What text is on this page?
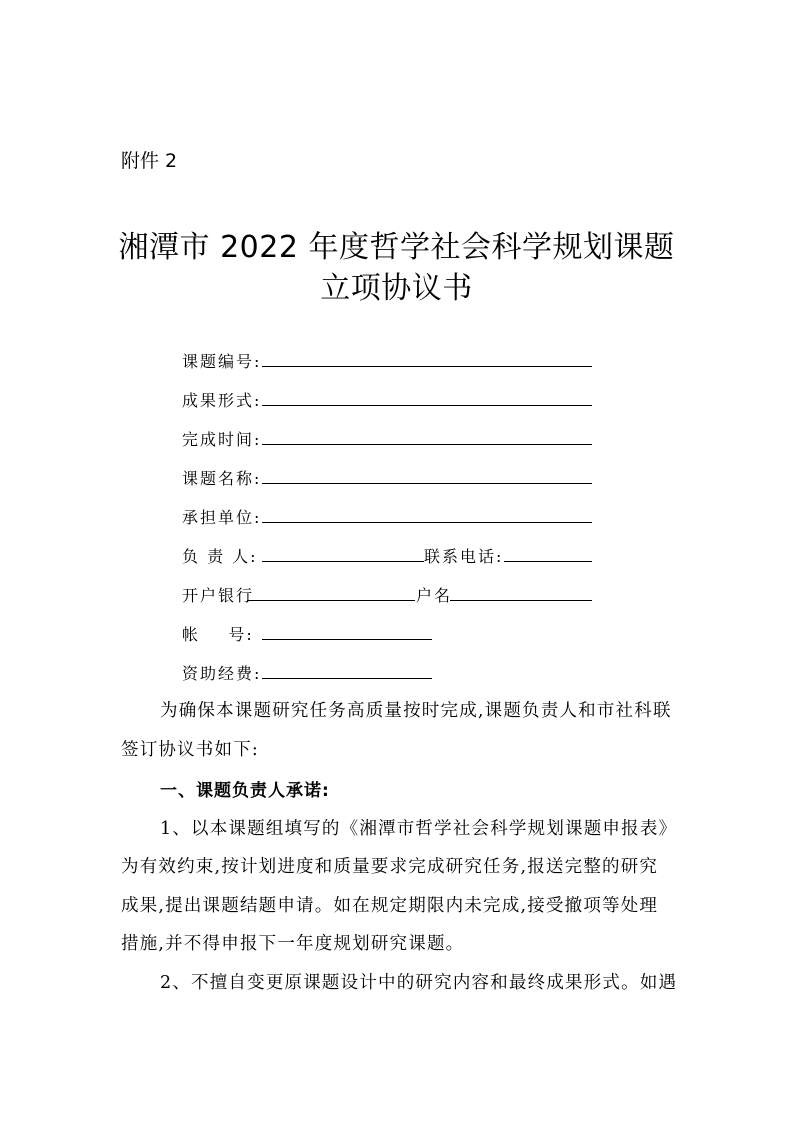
附件 2
湘潭市 2022 年度哲学社会科学规划课题
立项协议书
课题编号:
成果形式:
完成时间:
课题名称:
承担单位:
负 责 人:	联系电话:
开户银行	户名
帐    号:
资助经费:
为确保本课题研究任务高质量按时完成,课题负责人和市社科联
签订协议书如下:
一、课题负责人承诺:
1、以本课题组填写的《湘潭市哲学社会科学规划课题申报表》
为有效约束,按计划进度和质量要求完成研究任务,报送完整的研究
成果,提出课题结题申请。如在规定期限内未完成,接受撤项等处理
措施,并不得申报下一年度规划研究课题。
2、不擅自变更原课题设计中的研究内容和最终成果形式。如遇
